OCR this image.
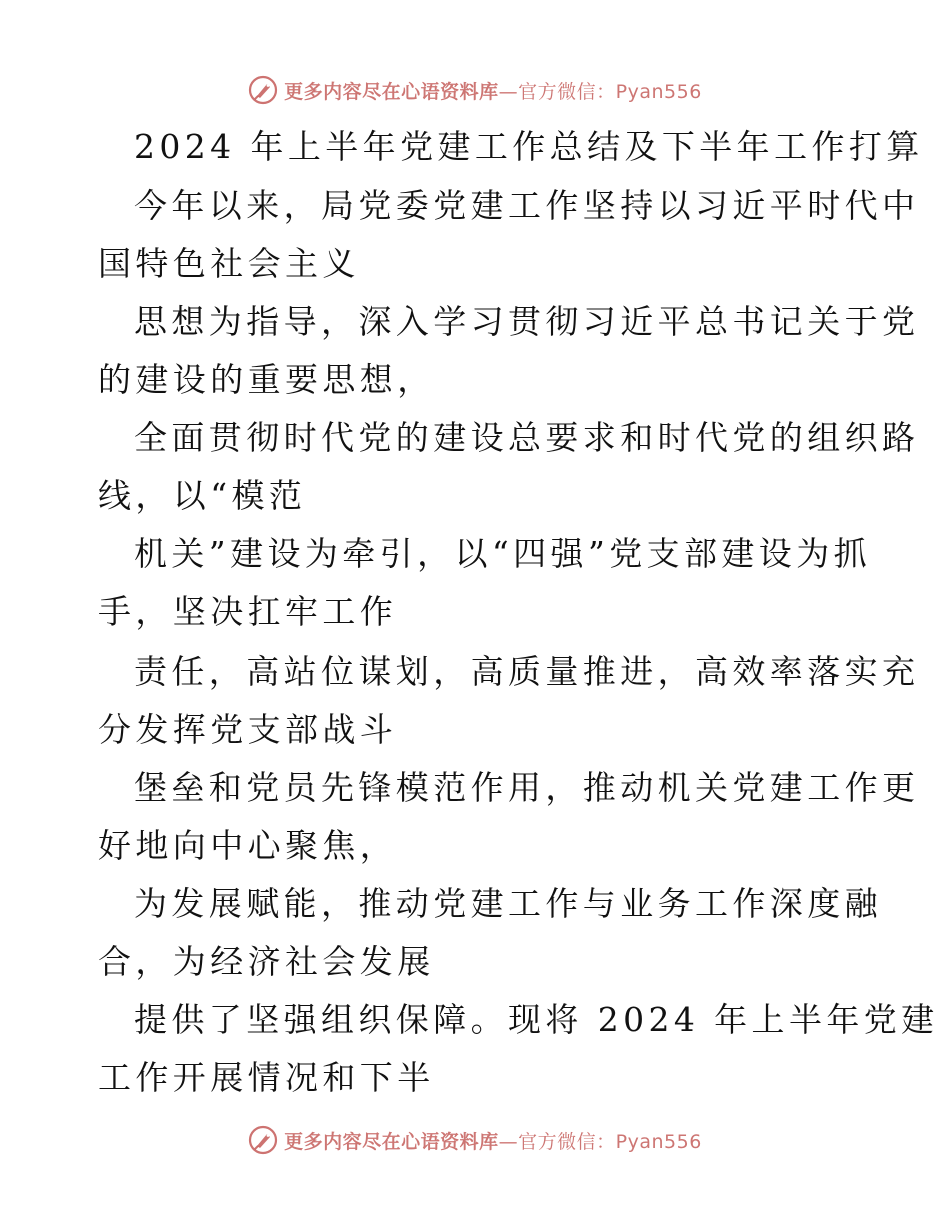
更多内容尽在心语资料库—官方微信：Pyan556
2024 年上半年党建工作总结及下半年工作打算
今年以来，局党委党建工作坚持以习近平时代中
国特色社会主义
思想为指导，深入学习贯彻习近平总书记关于党
的建设的重要思想，
全面贯彻时代党的建设总要求和时代党的组织路
线，以“模范
机关”建设为牵引，以“四强”党支部建设为抓
手，坚决扛牢工作
责任，高站位谋划，高质量推进，高效率落实充
分发挥党支部战斗
堡垒和党员先锋模范作用，推动机关党建工作更
好地向中心聚焦，
为发展赋能，推动党建工作与业务工作深度融
合，为经济社会发展
提供了坚强组织保障。现将 2024 年上半年党建
工作开展情况和下半
更多内容尽在心语资料库—官方微信：Pyan556
